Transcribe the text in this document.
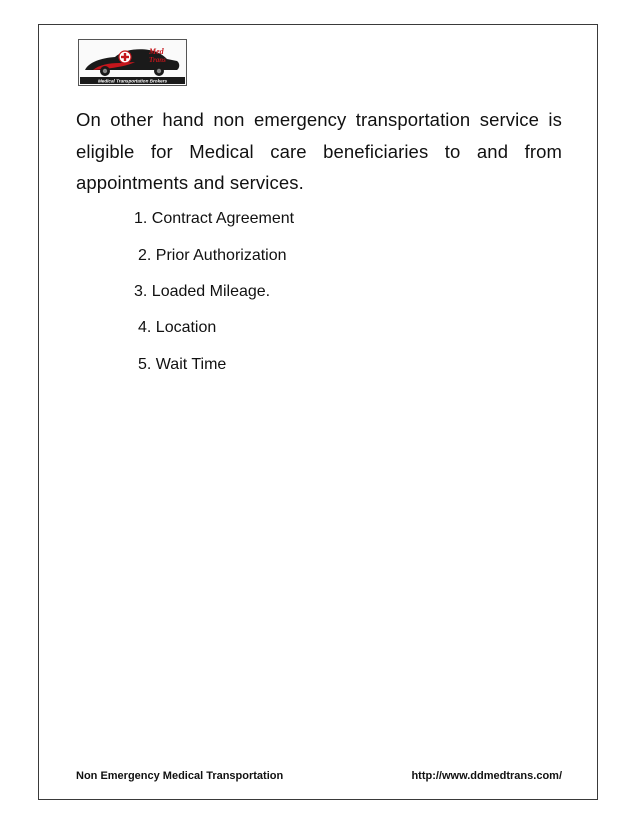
Med
Trans
Medical Transportation Brokers

On other hand non emergency transportation service is eligible for Medical care beneficiaries to and from appointments and services.

1. Contract Agreement
2. Prior Authorization
3. Loaded Mileage.
4. Location
5. Wait Time
Non Emergency Medical Transportation	http://www.ddmedtrans.com/
